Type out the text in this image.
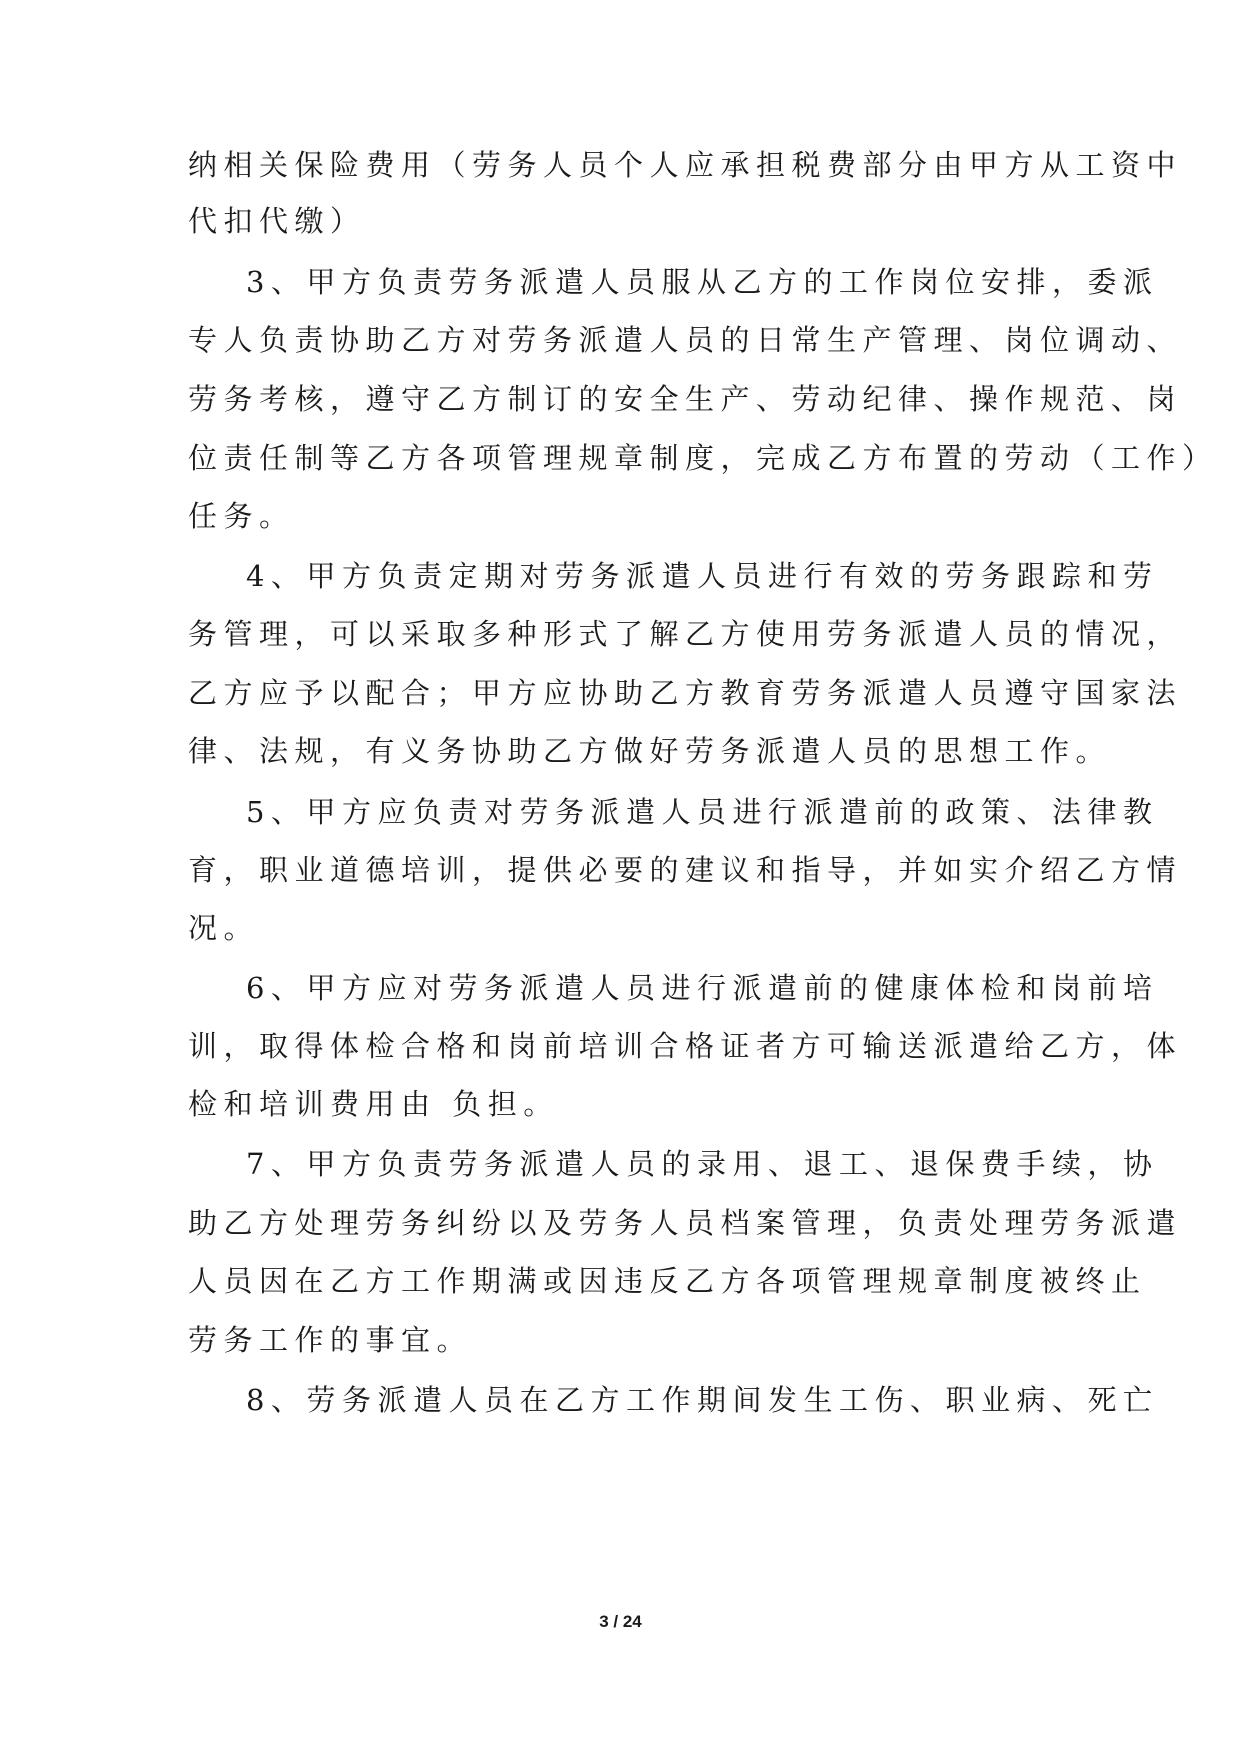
纳相关保险费用（劳务人员个人应承担税费部分由甲方从工资中
代扣代缴）
3、甲方负责劳务派遣人员服从乙方的工作岗位安排，委派
专人负责协助乙方对劳务派遣人员的日常生产管理、岗位调动、
劳务考核，遵守乙方制订的安全生产、劳动纪律、操作规范、岗
位责任制等乙方各项管理规章制度，完成乙方布置的劳动（工作）
任务。
4、甲方负责定期对劳务派遣人员进行有效的劳务跟踪和劳
务管理，可以采取多种形式了解乙方使用劳务派遣人员的情况，
乙方应予以配合；甲方应协助乙方教育劳务派遣人员遵守国家法
律、法规，有义务协助乙方做好劳务派遣人员的思想工作。
5、甲方应负责对劳务派遣人员进行派遣前的政策、法律教
育，职业道德培训，提供必要的建议和指导，并如实介绍乙方情
况。
6、甲方应对劳务派遣人员进行派遣前的健康体检和岗前培
训，取得体检合格和岗前培训合格证者方可输送派遣给乙方，体
检和培训费用由 负担。
7、甲方负责劳务派遣人员的录用、退工、退保费手续，协
助乙方处理劳务纠纷以及劳务人员档案管理，负责处理劳务派遣
人员因在乙方工作期满或因违反乙方各项管理规章制度被终止
劳务工作的事宜。
8、劳务派遣人员在乙方工作期间发生工伤、职业病、死亡
3 / 24
